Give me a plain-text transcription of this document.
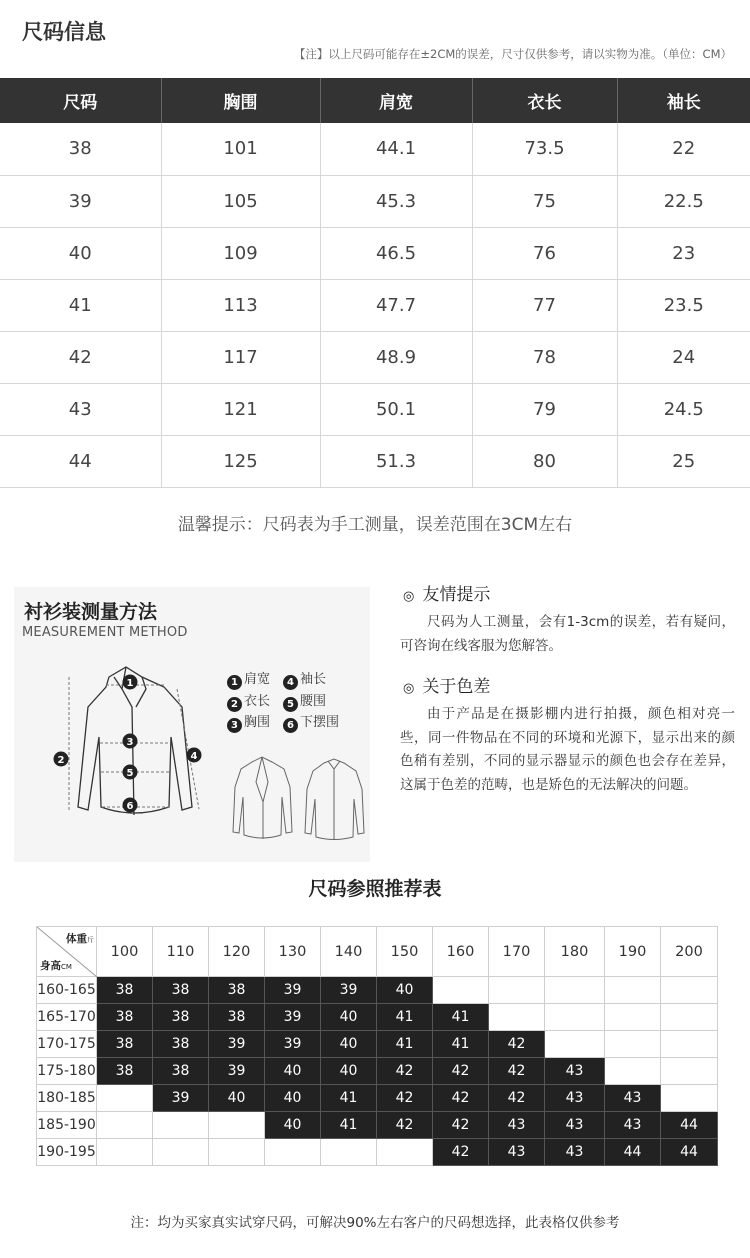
尺码信息
【注】以上尺码可能存在±2CM的误差，尺寸仅供参考，请以实物为准。（单位：CM）
尺码	胸围	肩宽	衣长	袖长
38	101	44.1	73.5	22
39	105	45.3	75	22.5
40	109	46.5	76	23
41	113	47.7	77	23.5
42	117	48.9	78	24
43	121	50.1	79	24.5
44	125	51.3	80	25
温馨提示：尺码表为手工测量，误差范围在3CM左右
衬衫装测量方法
MEASUREMENT METHOD
1
2
3
4
5
6
1 肩宽 4 袖长
2 衣长 5 腰围
3 胸围 6 下摆围
◎ 友情提示

尺码为人工测量，会有1-3cm的误差，若有疑问，可咨询在线客服为您解答。

◎ 关于色差

由于产品是在摄影棚内进行拍摄，颜色相对亮一些，同一件物品在不同的环境和光源下，显示出来的颜色稍有差别，不同的显示器显示的颜色也会存在差异，这属于色差的范畴，也是矫色的无法解决的问题。

尺码参照推荐表
体重斤
身高CM	100	110	120	130	140	150	160	170	180	190	200
160-165	38	38	38	39	39	40					
165-170	38	38	38	39	40	41	41				
170-175	38	38	39	39	40	41	41	42			
175-180	38	38	39	40	40	42	42	42	43		
180-185		39	40	40	41	42	42	42	43	43	
185-190				40	41	42	42	43	43	43	44
190-195							42	43	43	44	44
注：均为买家真实试穿尺码，可解决90%左右客户的尺码想选择，此表格仅供参考
